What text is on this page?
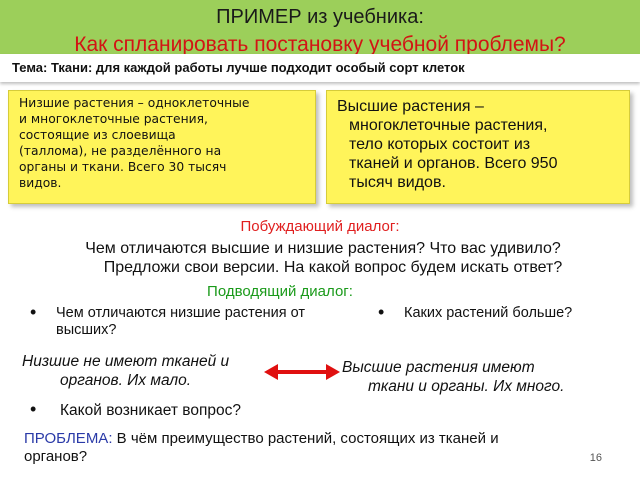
ПРИМЕР из учебника:
Как спланировать постановку учебной проблемы?
Тема: Ткани: для каждой работы лучше подходит особый сорт клеток
Низшие растения – одноклеточные
и многоклеточные растения,
состоящие из слоевища
(таллома), не разделённого на
органы и ткани. Всего 30 тысяч
видов.
Высшие растения –
многоклеточные растения,
тело которых состоит из
тканей и органов. Всего 950
тысяч видов.
Побуждающий диалог:
Чем отличаются высшие и низшие растения? Что вас удивило?
Предложи свои версии. На какой вопрос будем искать ответ?
Подводящий диалог:
• Чем отличаются низшие растения от
высших?
• Каких растений больше?
Низшие не имеют тканей и
органов. Их мало.
Высшие растения имеют
ткани и органы. Их много.
• Какой возникает вопрос?
ПРОБЛЕМА: В чём преимущество растений, состоящих из тканей и
органов?	16
